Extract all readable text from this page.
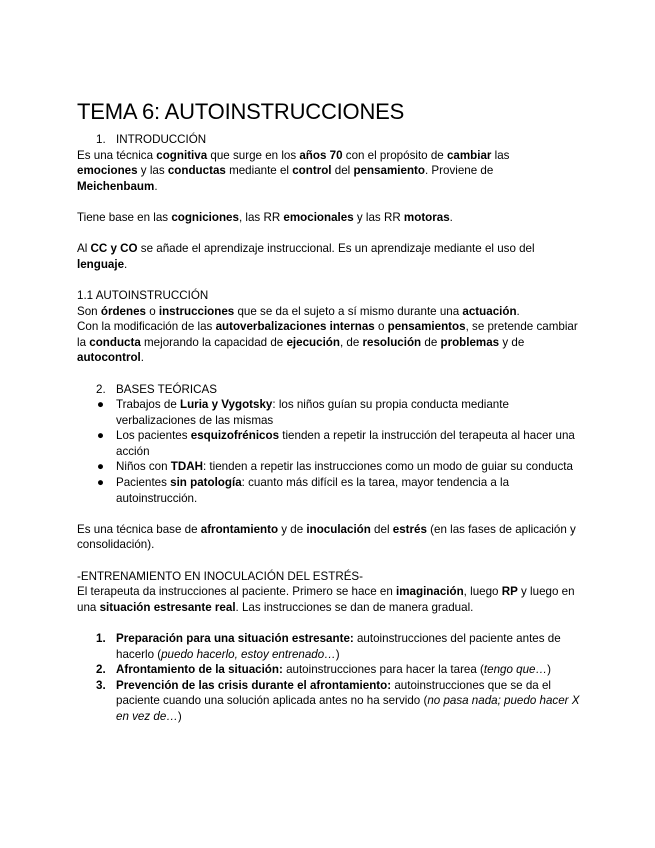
TEMA 6: AUTOINSTRUCCIONES

1. INTRODUCCIÓN

Es una técnica cognitiva que surge en los años 70 con el propósito de cambiar las
emociones y las conductas mediante el control del pensamiento. Proviene de
Meichenbaum.

Tiene base en las cogniciones, las RR emocionales y las RR motoras.

Al CC y CO se añade el aprendizaje instruccional. Es un aprendizaje mediante el uso del lenguaje.

1.1 AUTOINSTRUCCIÓN

Son órdenes o instrucciones que se da el sujeto a sí mismo durante una actuación.

Con la modificación de las autoverbalizaciones internas o pensamientos, se pretende cambiar la conducta mejorando la capacidad de ejecución, de resolución de problemas y de
autocontrol.

2. BASES TEÓRICAS

● Trabajos de Luria y Vygotsky: los niños guían su propia conducta mediante verbalizaciones de las mismas
● Los pacientes esquizofrénicos tienden a repetir la instrucción del terapeuta al hacer una acción
● Niños con TDAH: tienden a repetir las instrucciones como un modo de guiar su conducta
● Pacientes sin patología: cuanto más difícil es la tarea, mayor tendencia a la autoinstrucción.

Es una técnica base de afrontamiento y de inoculación del estrés (en las fases de aplicación y consolidación).

-ENTRENAMIENTO EN INOCULACIÓN DEL ESTRÉS-

El terapeuta da instrucciones al paciente. Primero se hace en imaginación, luego RP y luego en una situación estresante real. Las instrucciones se dan de manera gradual.

1. Preparación para una situación estresante: autoinstrucciones del paciente antes de hacerlo (puedo hacerlo, estoy entrenado…)
2. Afrontamiento de la situación: autoinstrucciones para hacer la tarea (tengo que…)
3. Prevención de las crisis durante el afrontamiento: autoinstrucciones que se da el paciente cuando una solución aplicada antes no ha servido (no pasa nada; puedo hacer X en vez de…)
